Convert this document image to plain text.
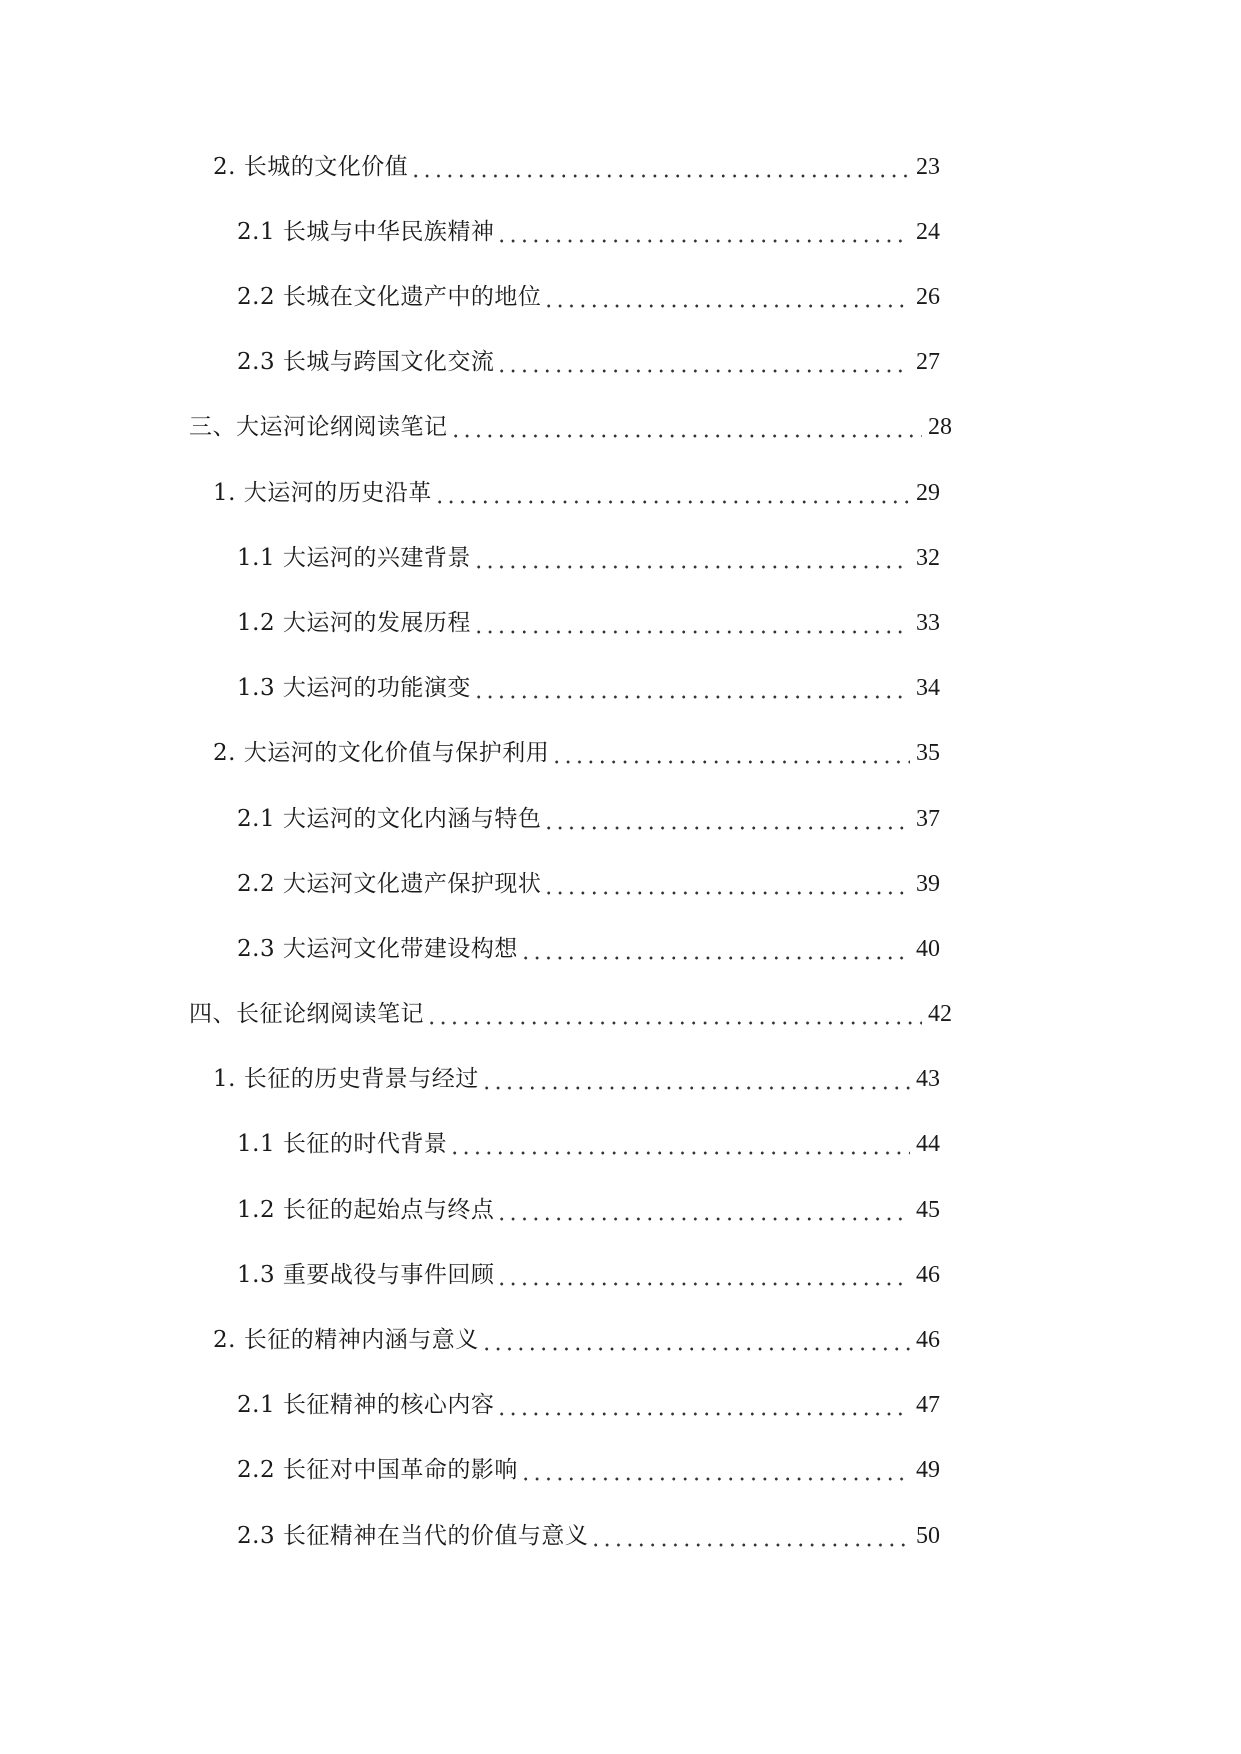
2. 长城的文化价值	23
2.1 长城与中华民族精神	24
2.2 长城在文化遗产中的地位	26
2.3 长城与跨国文化交流	27
三、大运河论纲阅读笔记	28
1. 大运河的历史沿革	29
1.1 大运河的兴建背景	32
1.2 大运河的发展历程	33
1.3 大运河的功能演变	34
2. 大运河的文化价值与保护利用	35
2.1 大运河的文化内涵与特色	37
2.2 大运河文化遗产保护现状	39
2.3 大运河文化带建设构想	40
四、长征论纲阅读笔记	42
1. 长征的历史背景与经过	43
1.1 长征的时代背景	44
1.2 长征的起始点与终点	45
1.3 重要战役与事件回顾	46
2. 长征的精神内涵与意义	46
2.1 长征精神的核心内容	47
2.2 长征对中国革命的影响	49
2.3 长征精神在当代的价值与意义	50
